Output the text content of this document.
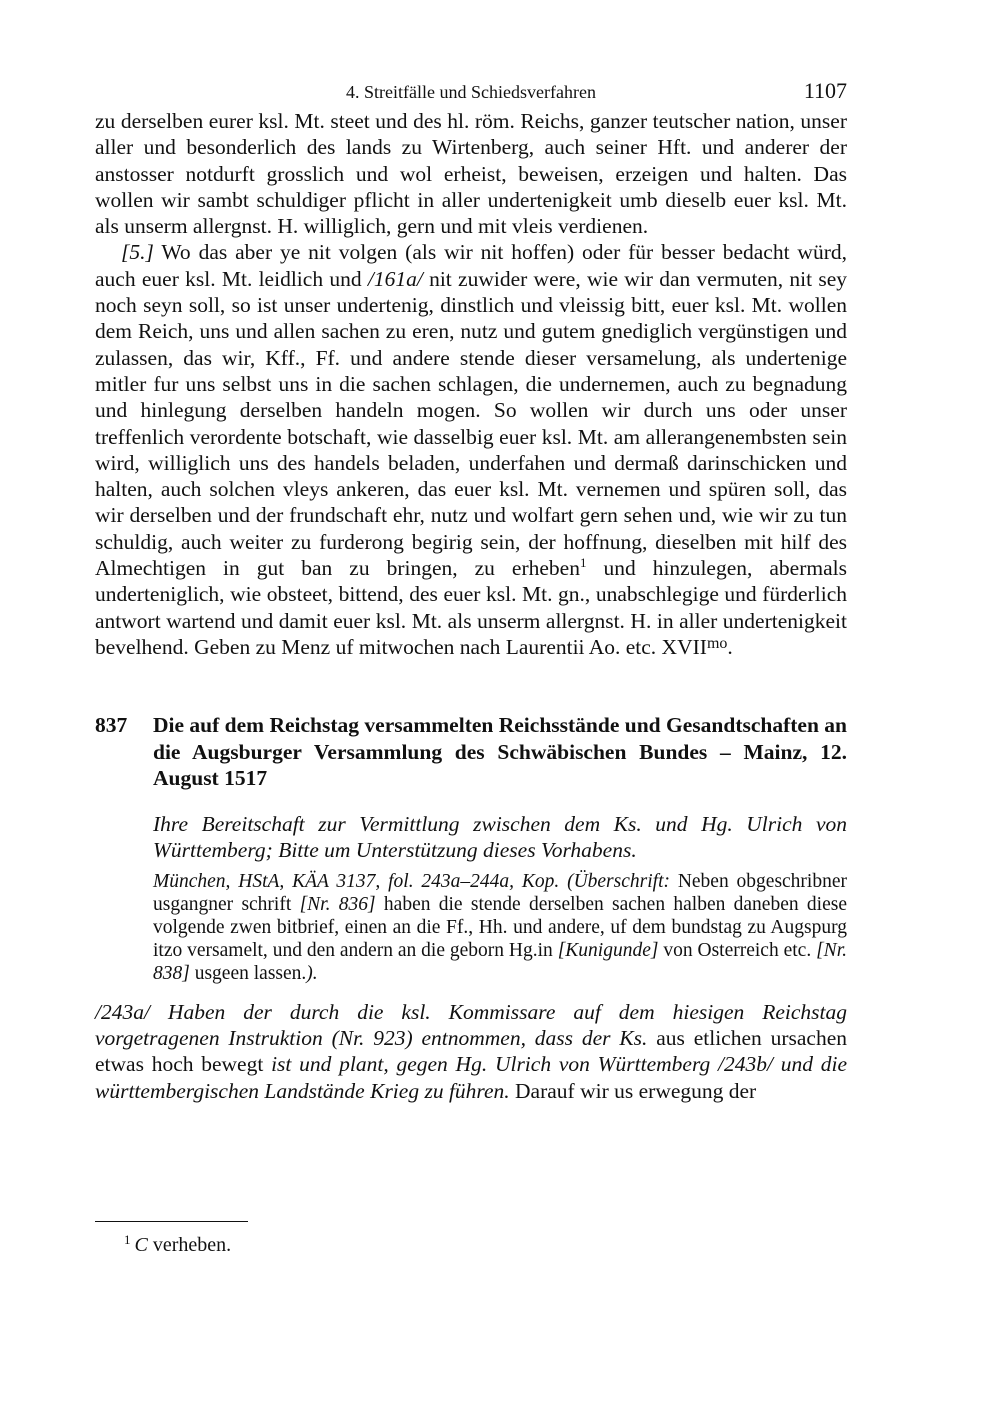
4. Streitfälle und Schiedsverfahren	1107

zu derselben eurer ksl. Mt. steet und des hl. röm. Reichs, ganzer teutscher nation, unser aller und besonderlich des lands zu Wirtenberg, auch seiner Hft. und anderer der anstosser notdurft grosslich und wol erheist, beweisen, erzeigen und halten. Das wollen wir sambt schuldiger pflicht in aller undertenigkeit umb dieselb euer ksl. Mt. als unserm allergnst. H. williglich, gern und mit vleis verdienen.

[5.] Wo das aber ye nit volgen (als wir nit hoffen) oder für besser bedacht würd, auch euer ksl. Mt. leidlich und /161a/ nit zuwider were, wie wir dan vermuten, nit sey noch seyn soll, so ist unser undertenig, dinstlich und vleissig bitt, euer ksl. Mt. wollen dem Reich, uns und allen sachen zu eren, nutz und gutem gnediglich vergünstigen und zulassen, das wir, Kff., Ff. und andere stende dieser versamelung, als undertenige mitler fur uns selbst uns in die sachen schlagen, die undernemen, auch zu begnadung und hinlegung derselben handeln mogen. So wollen wir durch uns oder unser treffenlich verordente botschaft, wie dasselbig euer ksl. Mt. am allerangenembsten sein wird, williglich uns des handels beladen, underfahen und dermaß darinschicken und halten, auch solchen vleys ankeren, das euer ksl. Mt. vernemen und spüren soll, das wir derselben und der frundschaft ehr, nutz und wolfart gern sehen und, wie wir zu tun schuldig, auch weiter zu furderong begirig sein, der hoffnung, dieselben mit hilf des Almechtigen in gut ban zu bringen, zu erheben$^1$ und hinzulegen, abermals underteniglich, wie obsteet, bittend, des euer ksl. Mt. gn., unabschlegige und fürderlich antwort wartend und damit euer ksl. Mt. als unserm allergnst. H. in aller undertenigkeit bevelhend. Geben zu Menz uf mitwochen nach Laurentii Ao. etc. $XVII^{mo}$.

837	Die auf dem Reichstag versammelten Reichsstände und Gesandtschaften an die Augsburger Versammlung des Schwäbischen Bundes – Mainz, 12. August 1517
Ihre Bereitschaft zur Vermittlung zwischen dem Ks. und Hg. Ulrich von Württemberg; Bitte um Unterstützung dieses Vorhabens.
München, HStA, KÄA 3137, fol. 243a–244a, Kop. (Überschrift: Neben obgeschribner usgangner schrift [Nr. 836] haben die stende derselben sachen halben daneben diese volgende zwen bitbrief, einen an die Ff., Hh. und andere, uf dem bundstag zu Augspurg itzo versamelt, und den andern an die geborn Hg.in [Kunigunde] von Osterreich etc. [Nr. 838] usgeen lassen.).

/243a/ Haben der durch die ksl. Kommissare auf dem hiesigen Reichstag vorgetragenen Instruktion (Nr. 923) entnommen, dass der Ks. aus etlichen ursachen etwas hoch bewegt ist und plant, gegen Hg. Ulrich von Württemberg /243b/ und die württembergischen Landstände Krieg zu führen. Darauf wir us erwegung der

$^1$ C verheben.
